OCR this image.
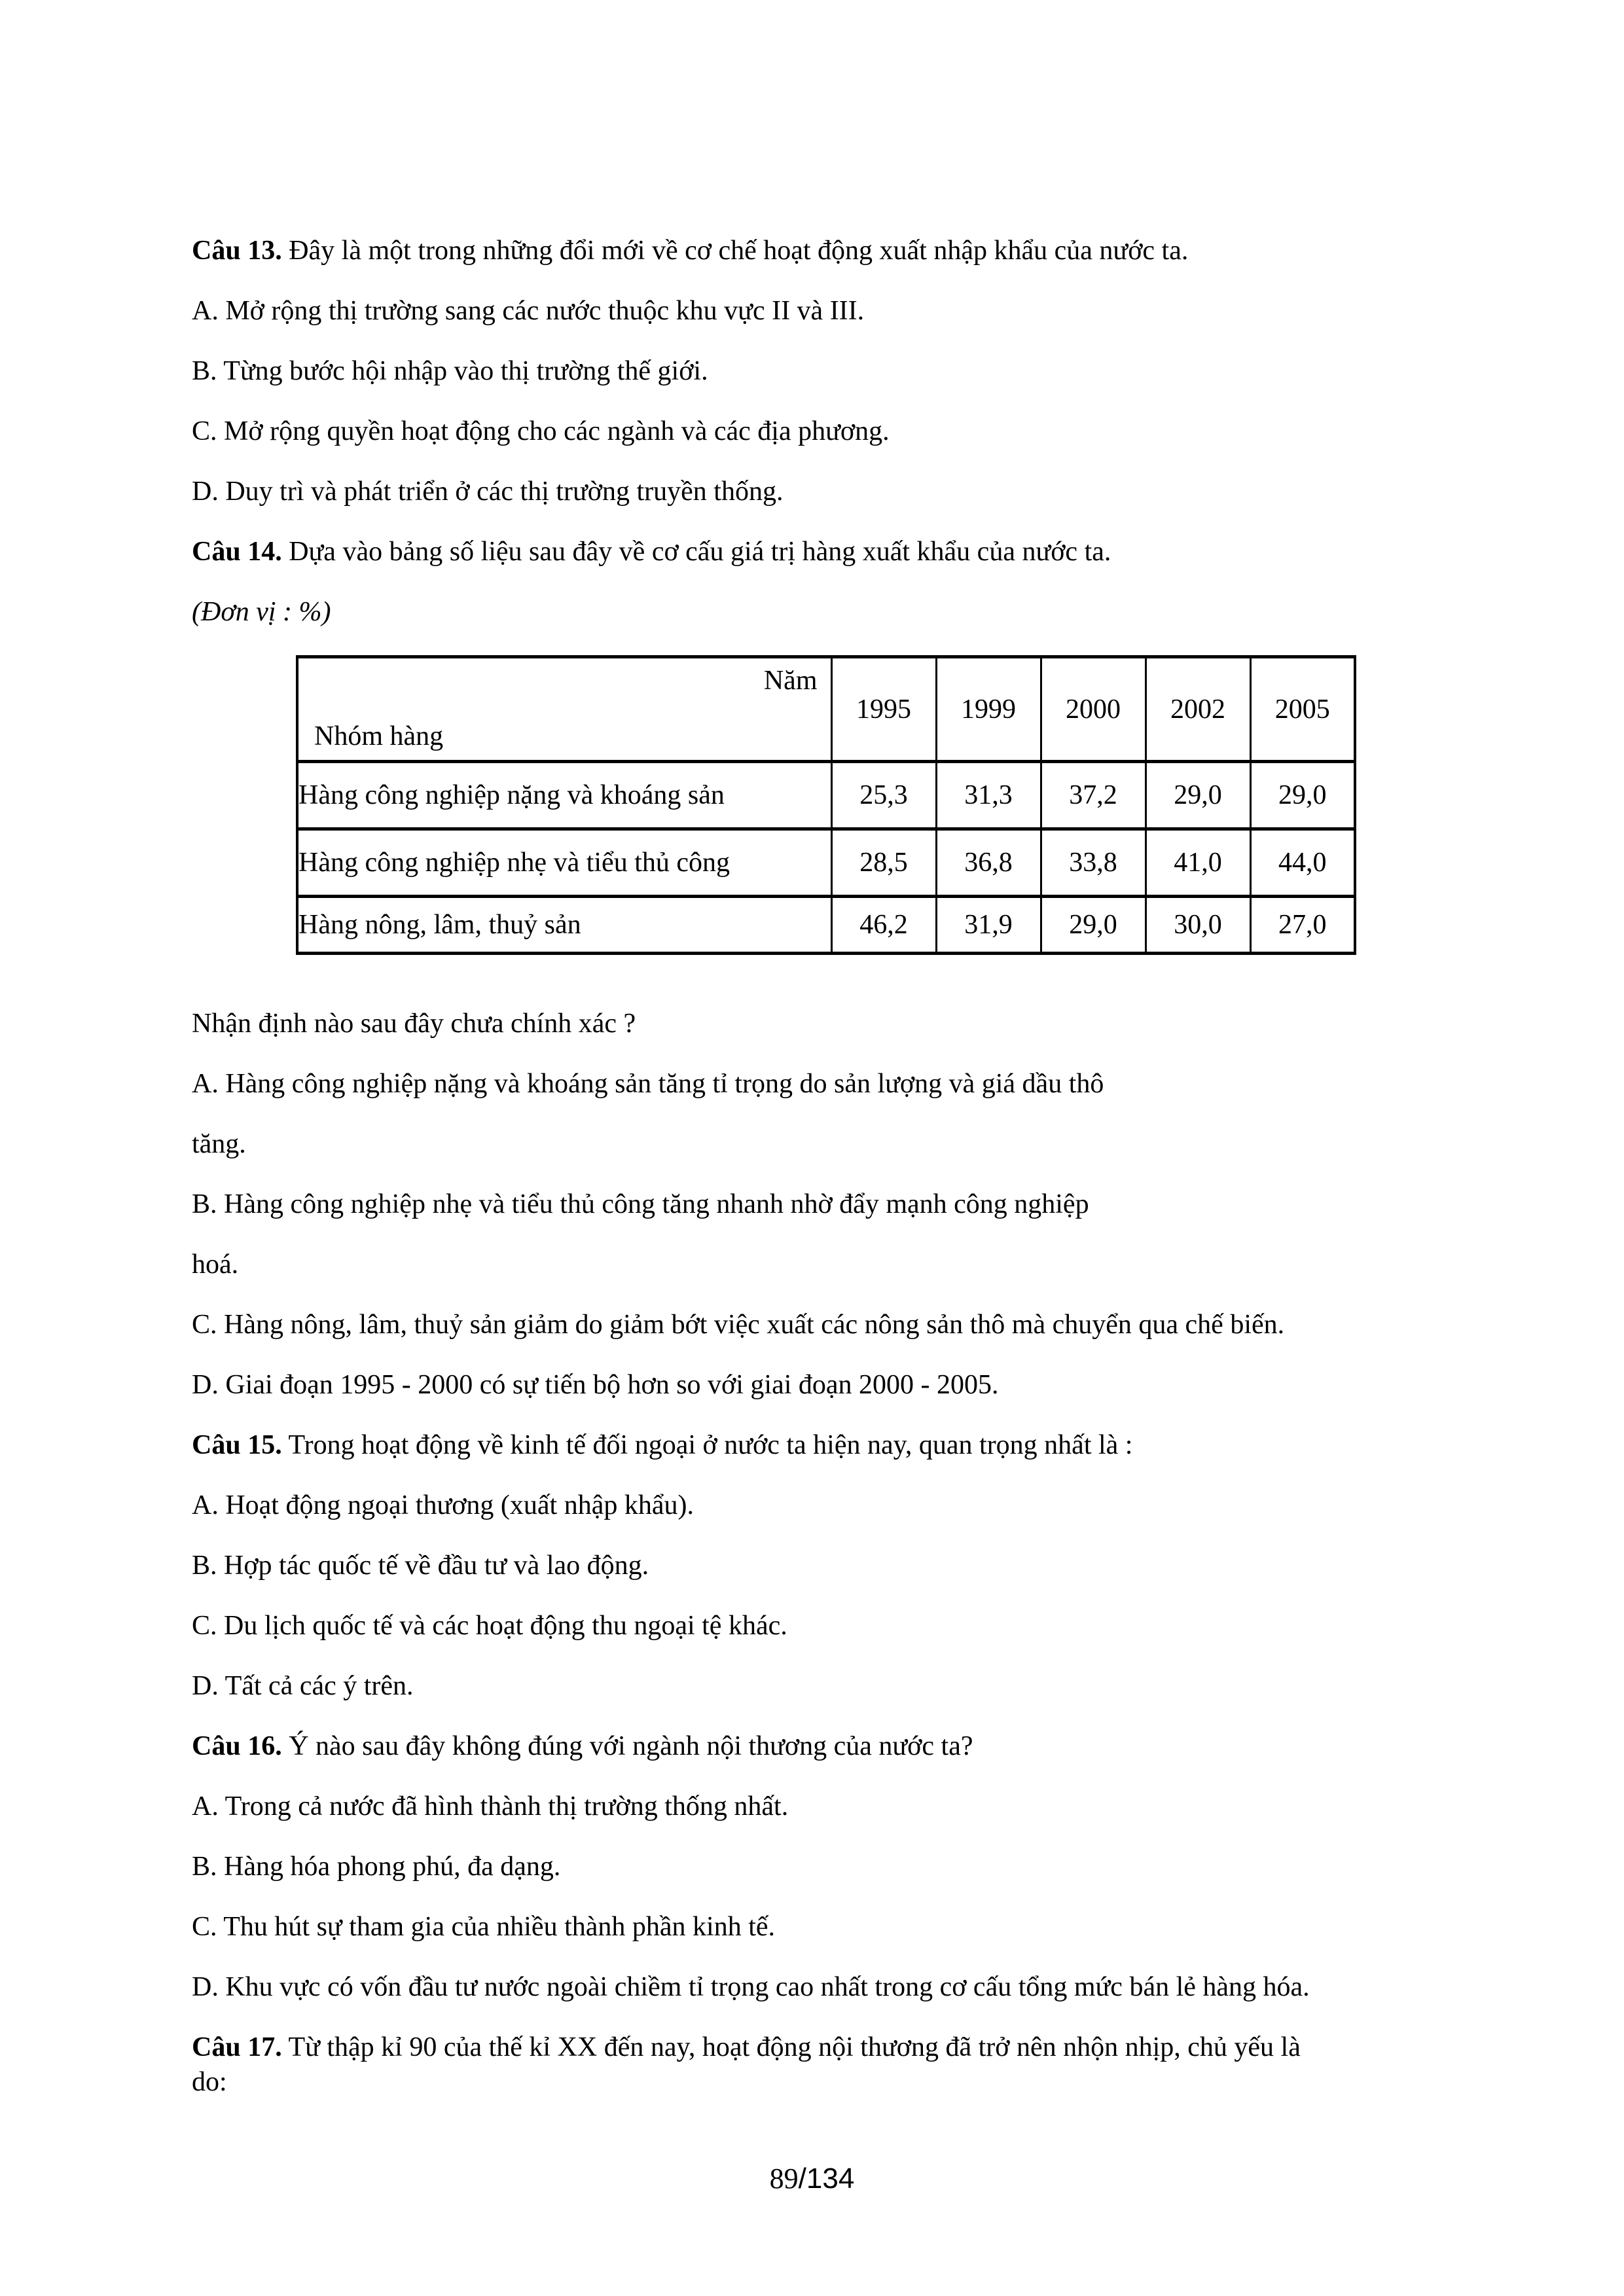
Câu 13. Đây là một trong những đổi mới về cơ chế hoạt động xuất nhập khẩu của nước ta.
A. Mở rộng thị trường sang các nước thuộc khu vực II và III.
B. Từng bước hội nhập vào thị trường thế giới.
C. Mở rộng quyền hoạt động cho các ngành và các địa phương.
D. Duy trì và phát triển ở các thị trường truyền thống.
Câu 14. Dựa vào bảng số liệu sau đây về cơ cấu giá trị hàng xuất khẩu của nước ta.
(Đơn vị : %)
Năm
Nhóm hàng	1995	1999	2000	2002	2005
Hàng công nghiệp nặng và khoáng sản	25,3	31,3	37,2	29,0	29,0
Hàng công nghiệp nhẹ và tiểu thủ công	28,5	36,8	33,8	41,0	44,0
Hàng nông, lâm, thuỷ sản	46,2	31,9	29,0	30,0	27,0
Nhận định nào sau đây chưa chính xác ?
A. Hàng công nghiệp nặng và khoáng sản tăng tỉ trọng do sản lượng và giá dầu thô
tăng.
B. Hàng công nghiệp nhẹ và tiểu thủ công tăng nhanh nhờ đẩy mạnh công nghiệp
hoá.
C. Hàng nông, lâm, thuỷ sản giảm do giảm bớt việc xuất các nông sản thô mà chuyển qua chế biến.
D. Giai đoạn 1995 - 2000 có sự tiến bộ hơn so với giai đoạn 2000 - 2005.
Câu 15. Trong hoạt động về kinh tế đối ngoại ở nước ta hiện nay, quan trọng nhất là :
A. Hoạt động ngoại thương (xuất nhập khẩu).
B. Hợp tác quốc tế về đầu tư và lao động.
C. Du lịch quốc tế và các hoạt động thu ngoại tệ khác.
D. Tất cả các ý trên.
Câu 16. Ý nào sau đây không đúng với ngành nội thương của nước ta?
A. Trong cả nước đã hình thành thị trường thống nhất.
B. Hàng hóa phong phú, đa dạng.
C. Thu hút sự tham gia của nhiều thành phần kinh tế.
D. Khu vực có vốn đầu tư nước ngoài chiềm tỉ trọng cao nhất trong cơ cấu tổng mức bán lẻ hàng hóa.
Câu 17. Từ thập kỉ 90 của thế kỉ XX đến nay, hoạt động nội thương đã trở nên nhộn nhịp, chủ yếu là
do:
89/134
